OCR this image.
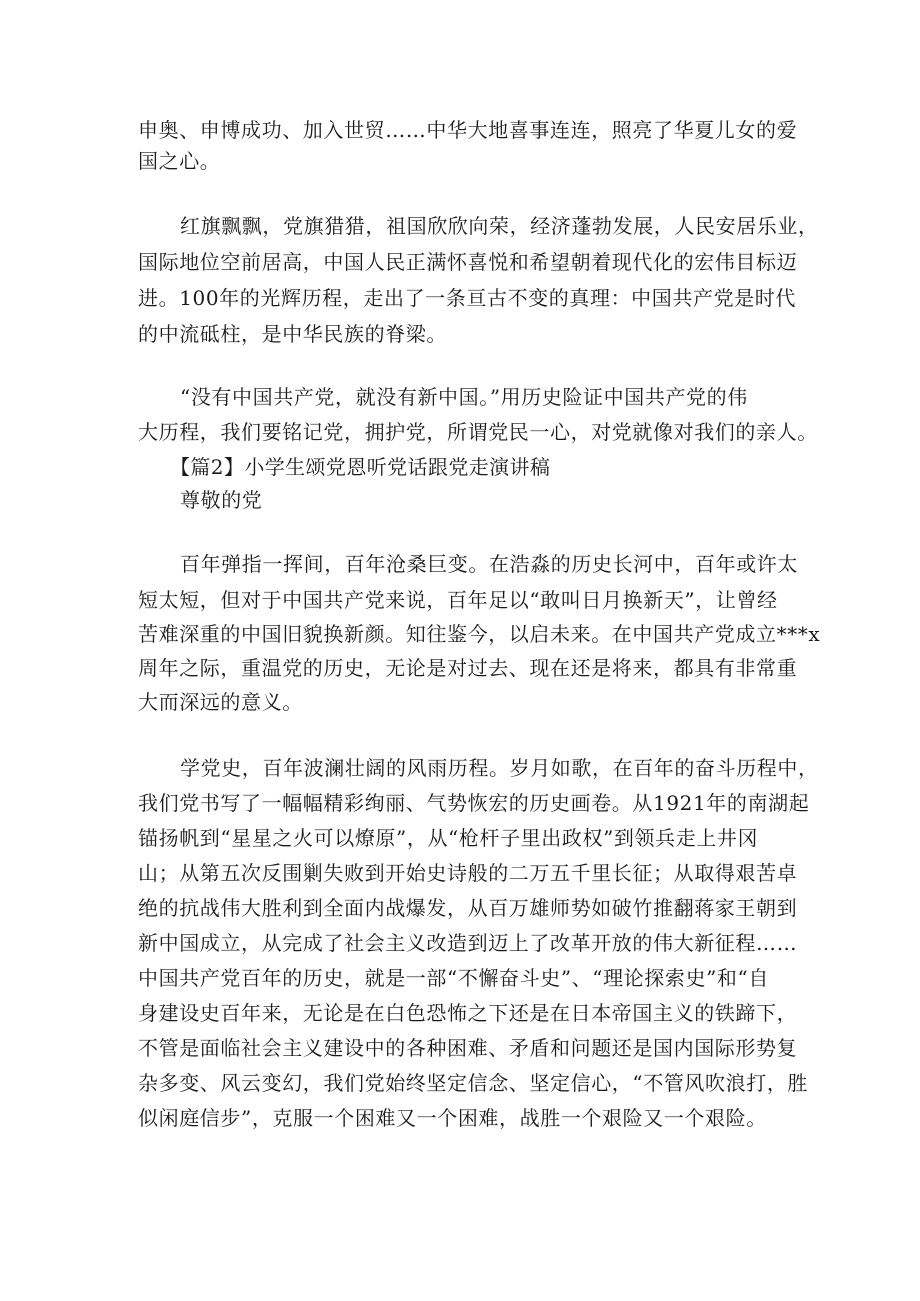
申奥、申博成功、加入世贸……中华大地喜事连连，照亮了华夏儿女的爱
国之心。
红旗飘飘，党旗猎猎，祖国欣欣向荣，经济蓬勃发展，人民安居乐业，
国际地位空前居高，中国人民正满怀喜悦和希望朝着现代化的宏伟目标迈
进。100年的光辉历程，走出了一条亘古不变的真理：中国共产党是时代
的中流砥柱，是中华民族的脊梁。
“没有中国共产党，就没有新中国。”用历史险证中国共产党的伟
大历程，我们要铭记党，拥护党，所谓党民一心，对党就像对我们的亲人。
【篇2】小学生颂党恩听党话跟党走演讲稿
尊敬的党
百年弹指一挥间，百年沧桑巨变。在浩淼的历史长河中，百年或许太
短太短，但对于中国共产党来说，百年足以“敢叫日月换新天”，让曾经
苦难深重的中国旧貌换新颜。知往鉴今，以启未来。在中国共产党成立***x
周年之际，重温党的历史，无论是对过去、现在还是将来，都具有非常重
大而深远的意义。
学党史，百年波澜壮阔的风雨历程。岁月如歌，在百年的奋斗历程中，
我们党书写了一幅幅精彩绚丽、气势恢宏的历史画卷。从1921年的南湖起
锚扬帆到“星星之火可以燎原”，从“枪杆子里出政权”到领兵走上井冈
山；从第五次反围剿失败到开始史诗般的二万五千里长征；从取得艰苦卓
绝的抗战伟大胜利到全面内战爆发，从百万雄师势如破竹推翻蒋家王朝到
新中国成立，从完成了社会主义改造到迈上了改革开放的伟大新征程……
中国共产党百年的历史，就是一部“不懈奋斗史”、“理论探索史”和“自
身建设史百年来，无论是在白色恐怖之下还是在日本帝国主义的铁蹄下，
不管是面临社会主义建设中的各种困难、矛盾和问题还是国内国际形势复
杂多变、风云变幻，我们党始终坚定信念、坚定信心，“不管风吹浪打，胜
似闲庭信步”，克服一个困难又一个困难，战胜一个艰险又一个艰险。
